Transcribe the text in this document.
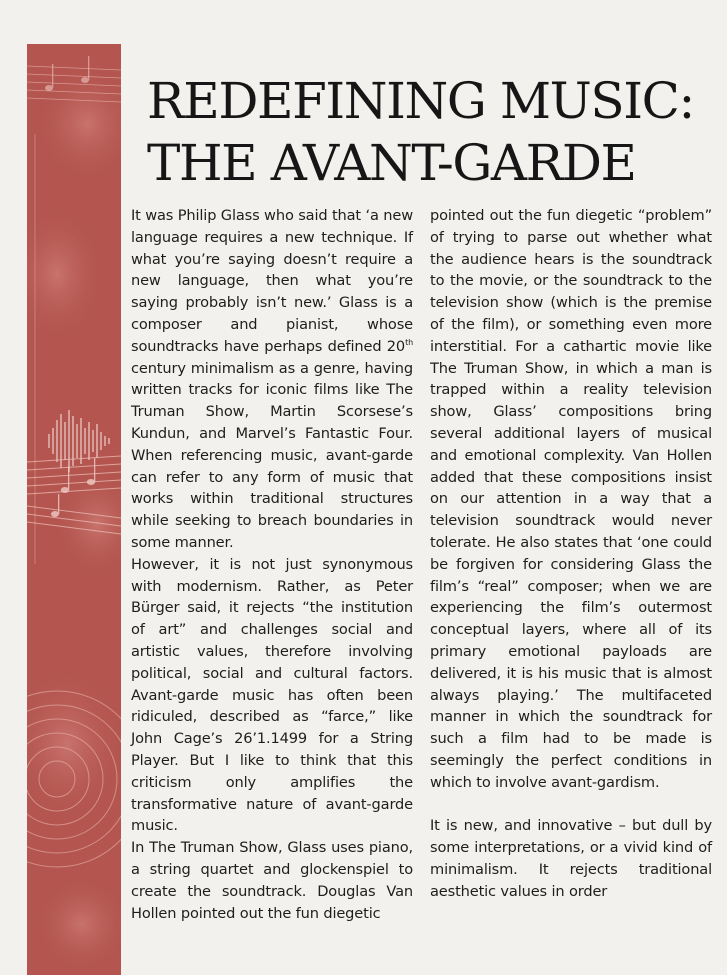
REDEFINING MUSIC:
THE AVANT-GARDE

It was Philip Glass who said that ‘a new language requires a new technique. If what you’re saying doesn’t require a new language, then what you’re saying probably isn’t new.’ Glass is a composer and pianist, whose soundtracks have perhaps defined 20th century minimalism as a genre, having written tracks for iconic films like The Truman Show, Martin Scorsese’s Kundun, and Marvel’s Fantastic Four. When referencing music, avant-garde can refer to any form of music that works within traditional structures while seeking to breach boundaries in some manner.

However, it is not just synonymous with modernism. Rather, as Peter Bürger said, it rejects “the institution of art” and challenges social and artistic values, therefore involving political, social and cultural factors. Avant-garde music has often been ridiculed, described as “farce,” like John Cage’s 26’1.1499 for a String Player. But I like to think that this criticism only amplifies the transformative nature of avant-garde music.

In The Truman Show, Glass uses piano, a string quartet and glockenspiel to create the soundtrack. Douglas Van Hollen pointed out the fun diegetic

pointed out the fun diegetic “problem” of trying to parse out whether what the audience hears is the soundtrack to the movie, or the soundtrack to the television show (which is the premise of the film), or something even more interstitial. For a cathartic movie like The Truman Show, in which a man is trapped within a reality television show, Glass’ compositions bring several additional layers of musical and emotional complexity. Van Hollen added that these compositions insist on our attention in a way that a television soundtrack would never tolerate. He also states that ‘one could be forgiven for considering Glass the film’s “real” composer; when we are experiencing the film’s outermost conceptual layers, where all of its primary emotional payloads are delivered, it is his music that is almost always playing.’ The multifaceted manner in which the soundtrack for such a film had to be made is seemingly the perfect conditions in which to involve avant-gardism.

It is new, and innovative – but dull by some interpretations, or a vivid kind of minimalism. It rejects traditional aesthetic values in order
